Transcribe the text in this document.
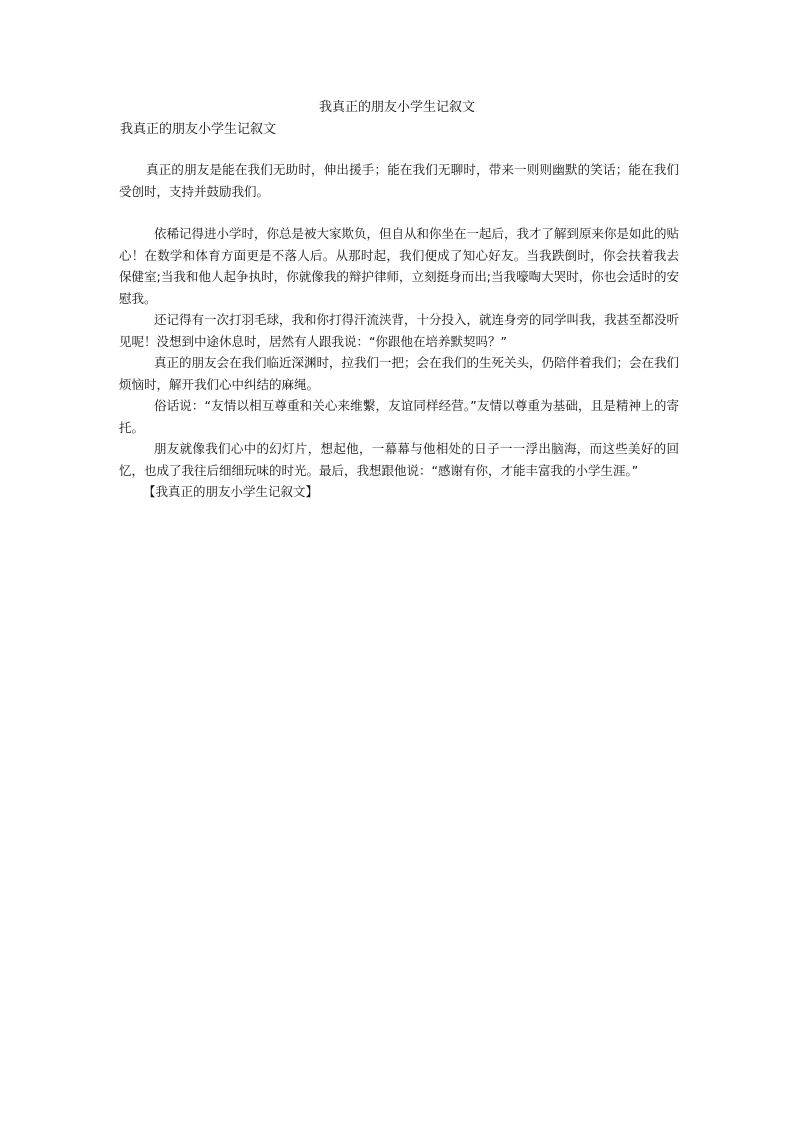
我真正的朋友小学生记叙文
我真正的朋友小学生记叙文

真正的朋友是能在我们无助时，伸出援手；能在我们无聊时，带来一则则幽默的笑话；能在我们受创时，支持并鼓励我们。

依稀记得进小学时，你总是被大家欺负，但自从和你坐在一起后，我才了解到原来你是如此的贴心！在数学和体育方面更是不落人后。从那时起，我们便成了知心好友。当我跌倒时，你会扶着我去保健室;当我和他人起争执时，你就像我的辩护律师，立刻挺身而出;当我嚎啕大哭时，你也会适时的安慰我。

还记得有一次打羽毛球，我和你打得汗流浃背，十分投入，就连身旁的同学叫我，我甚至都没听见呢！没想到中途休息时，居然有人跟我说：“你跟他在培养默契吗？”

真正的朋友会在我们临近深渊时，拉我们一把；会在我们的生死关头，仍陪伴着我们；会在我们烦恼时，解开我们心中纠结的麻绳。

俗话说：“友情以相互尊重和关心来维繫，友谊同样经营。”友情以尊重为基础，且是精神上的寄托。

朋友就像我们心中的幻灯片，想起他，一幕幕与他相处的日子一一浮出脑海，而这些美好的回忆，也成了我往后细细玩味的时光。最后，我想跟他说：“感谢有你，才能丰富我的小学生涯。”

【我真正的朋友小学生记叙文】
